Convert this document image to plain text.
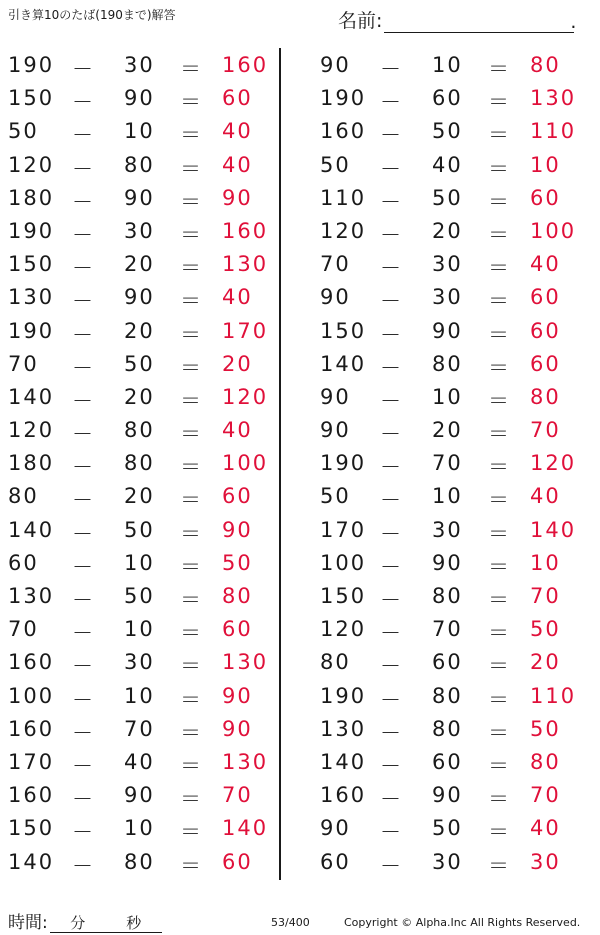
引き算10のたば(190まで)解答	名前:	.
190 － 30 ＝ 160
150 － 90 ＝ 60
50 － 10 ＝ 40
120 － 80 ＝ 40
180 － 90 ＝ 90
190 － 30 ＝ 160
150 － 20 ＝ 130
130 － 90 ＝ 40
190 － 20 ＝ 170
70 － 50 ＝ 20
140 － 20 ＝ 120
120 － 80 ＝ 40
180 － 80 ＝ 100
80 － 20 ＝ 60
140 － 50 ＝ 90
60 － 10 ＝ 50
130 － 50 ＝ 80
70 － 10 ＝ 60
160 － 30 ＝ 130
100 － 10 ＝ 90
160 － 70 ＝ 90
170 － 40 ＝ 130
160 － 90 ＝ 70
150 － 10 ＝ 140
140 － 80 ＝ 60
90 － 10 ＝ 80
190 － 60 ＝ 130
160 － 50 ＝ 110
50 － 40 ＝ 10
110 － 50 ＝ 60
120 － 20 ＝ 100
70 － 30 ＝ 40
90 － 30 ＝ 60
150 － 90 ＝ 60
140 － 80 ＝ 60
90 － 10 ＝ 80
90 － 20 ＝ 70
190 － 70 ＝ 120
50 － 10 ＝ 40
170 － 30 ＝ 140
100 － 90 ＝ 10
150 － 80 ＝ 70
120 － 70 ＝ 50
80 － 60 ＝ 20
190 － 80 ＝ 110
130 － 80 ＝ 50
140 － 60 ＝ 80
160 － 90 ＝ 70
90 － 50 ＝ 40
60 － 30 ＝ 30
時間: 分	秒	53/400	Copyright © Alpha.Inc All Rights Reserved.
